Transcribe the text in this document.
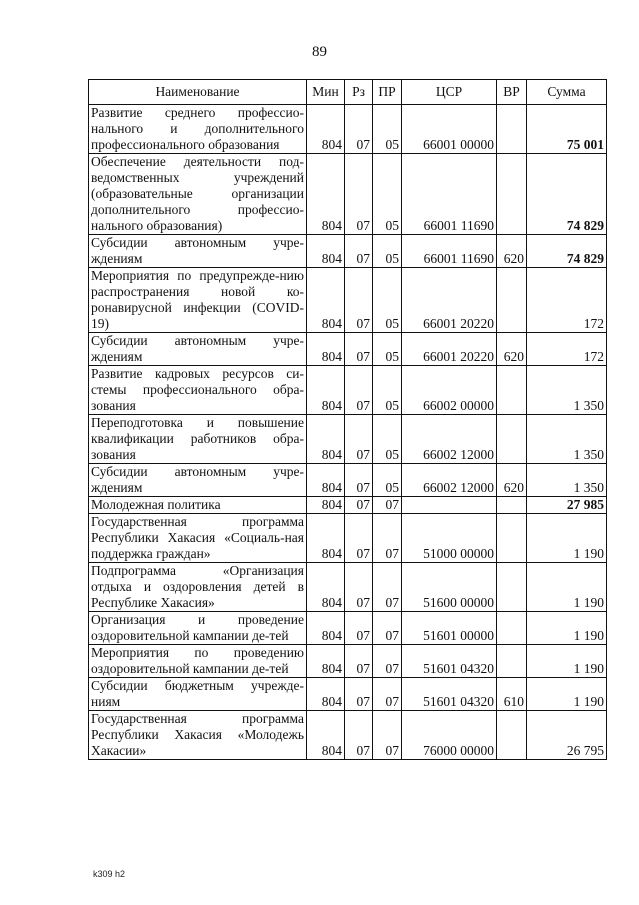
89
Наименование	Мин	Рз	ПР	ЦСР	ВР	Сумма
Развитие среднего профессио-нального и дополнительного профессионального образования	804	07	05	66001 00000		75 001
Обеспечение деятельности под-ведомственных учреждений (образовательные организации дополнительного профессио-нального образования)	804	07	05	66001 11690		74 829
Субсидии автономным учре-ждениям	804	07	05	66001 11690	620	74 829
Мероприятия по предупрежде-нию распространения новой ко-ронавирусной инфекции (COVID-19)	804	07	05	66001 20220		172
Субсидии автономным учре-ждениям	804	07	05	66001 20220	620	172
Развитие кадровых ресурсов си-стемы профессионального обра-зования	804	07	05	66002 00000		1 350
Переподготовка и повышение квалификации работников обра-зования	804	07	05	66002 12000		1 350
Субсидии автономным учре-ждениям	804	07	05	66002 12000	620	1 350
Молодежная политика	804	07	07			27 985
Государственная программа Республики Хакасия «Социаль-ная поддержка граждан»	804	07	07	51000 00000		1 190
Подпрограмма «Организация отдыха и оздоровления детей в Республике Хакасия»	804	07	07	51600 00000		1 190
Организация и проведение оздоровительной кампании де-тей	804	07	07	51601 00000		1 190
Мероприятия по проведению оздоровительной кампании де-тей	804	07	07	51601 04320		1 190
Субсидии бюджетным учрежде-ниям	804	07	07	51601 04320	610	1 190
Государственная программа Республики Хакасия «Молодежь Хакасии»	804	07	07	76000 00000		26 795
k309 h2
